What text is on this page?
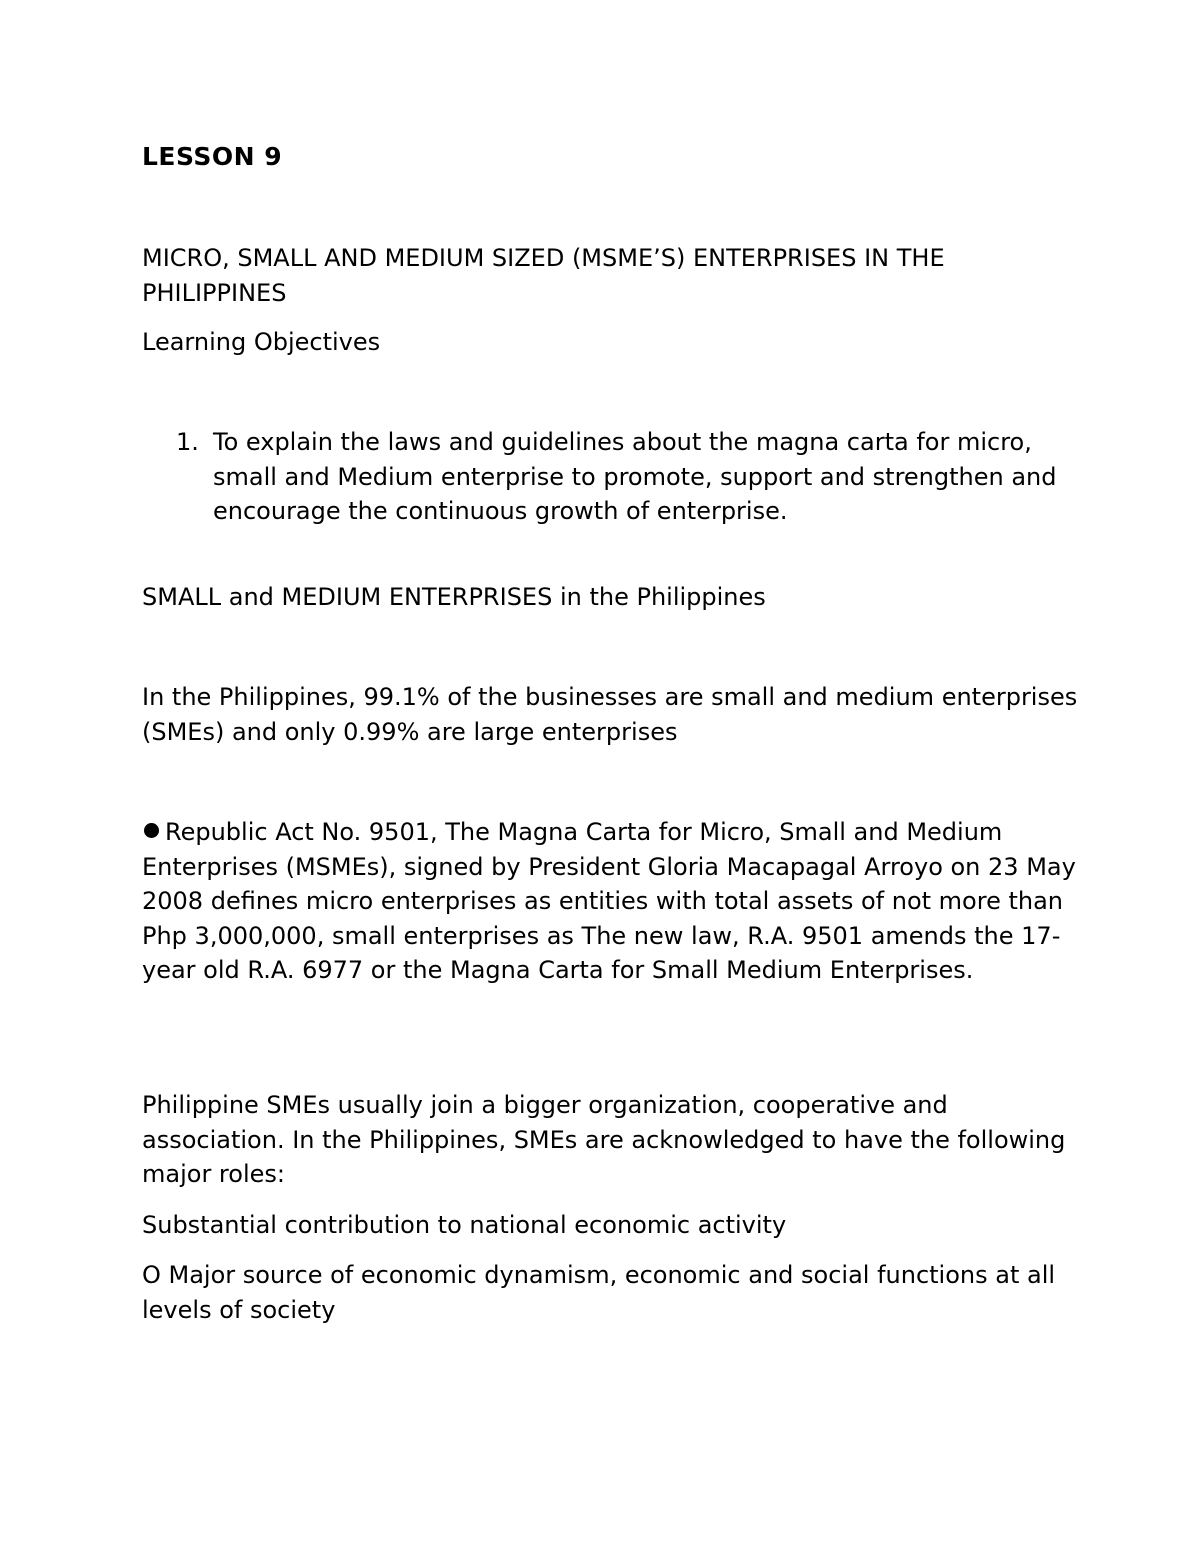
LESSON 9
MICRO, SMALL AND MEDIUM SIZED (MSME’S) ENTERPRISES IN THE PHILIPPINES
Learning Objectives
1. To explain the laws and guidelines about the magna carta for micro, small and Medium enterprise to promote, support and strengthen and encourage the continuous growth of enterprise.
SMALL and MEDIUM ENTERPRISES in the Philippines
In the Philippines, 99.1% of the businesses are small and medium enterprises (SMEs) and only 0.99% are large enterprises
Republic Act No. 9501, The Magna Carta for Micro, Small and Medium Enterprises (MSMEs), signed by President Gloria Macapagal Arroyo on 23 May 2008 defines micro enterprises as entities with total assets of not more than Php 3,000,000, small enterprises as The new law, R.A. 9501 amends the 17-year old R.A. 6977 or the Magna Carta for Small Medium Enterprises.
Philippine SMEs usually join a bigger organization, cooperative and association. In the Philippines, SMEs are acknowledged to have the following major roles:
Substantial contribution to national economic activity
O Major source of economic dynamism, economic and social functions at all levels of society
